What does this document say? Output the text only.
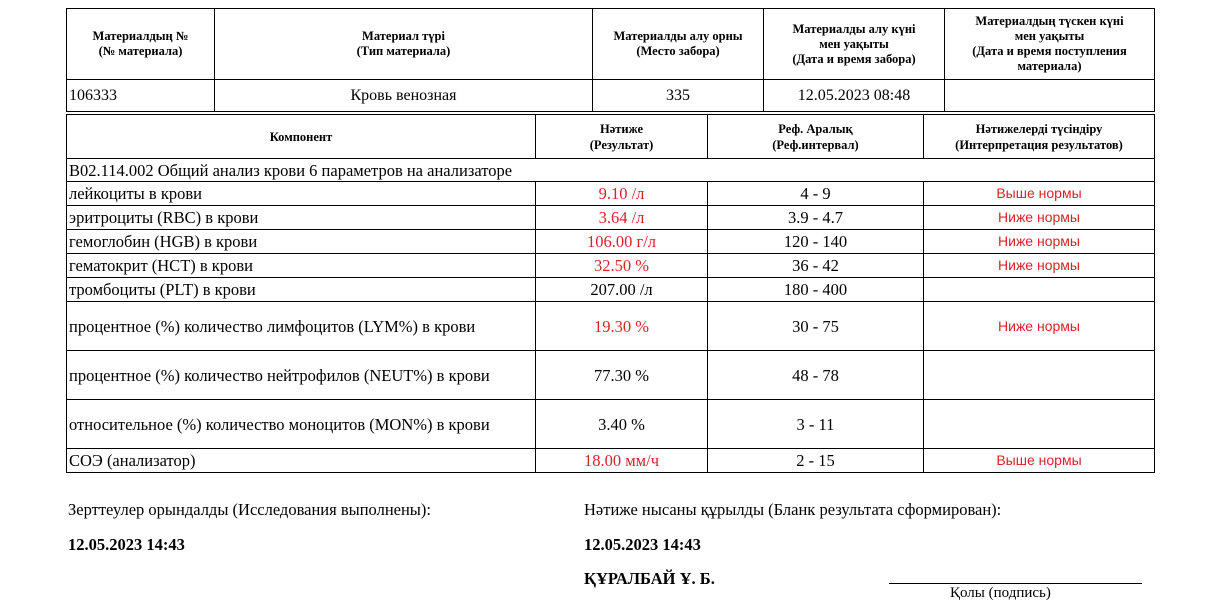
Материалдың №
(№ материала)	Материал түрі
(Тип материала)	Материалды алу орны
(Место забора)	Материалды алу күні
мен уақыты
(Дата и время забора)	Материалдың түскен күні
мен уақыты
(Дата и время поступления
материала)
106333	Кровь венозная	335	12.05.2023 08:48	
Компонент	Нәтиже
(Результат)	Реф. Аралық
(Реф.интервал)	Нәтижелерді түсіндіру
(Интерпретация результатов)
B02.114.002 Общий анализ крови 6 параметров на анализаторе			
лейкоциты в крови	9.10 /л	4 - 9	Выше нормы
эритроциты (RBC) в крови	3.64 /л	3.9 - 4.7	Ниже нормы
гемоглобин (HGB) в крови	106.00 г/л	120 - 140	Ниже нормы
гематокрит (HCT) в крови	32.50 %	36 - 42	Ниже нормы
тромбоциты (PLT) в крови	207.00 /л	180 - 400	
процентное (%) количество лимфоцитов (LYM%) в крови	19.30 %	30 - 75	Ниже нормы
процентное (%) количество нейтрофилов (NEUT%) в крови	77.30 %	48 - 78	
относительное (%) количество моноцитов (MON%) в крови	3.40 %	3 - 11	
СОЭ (анализатор)	18.00 мм/ч	2 - 15	Выше нормы
Зерттеулер орындалды (Исследования выполнены):
12.05.2023 14:43
Нәтиже нысаны құрылды (Бланк результата сформирован):
12.05.2023 14:43
ҚҰРАЛБАЙ Ұ. Б.
Қолы (подпись)
